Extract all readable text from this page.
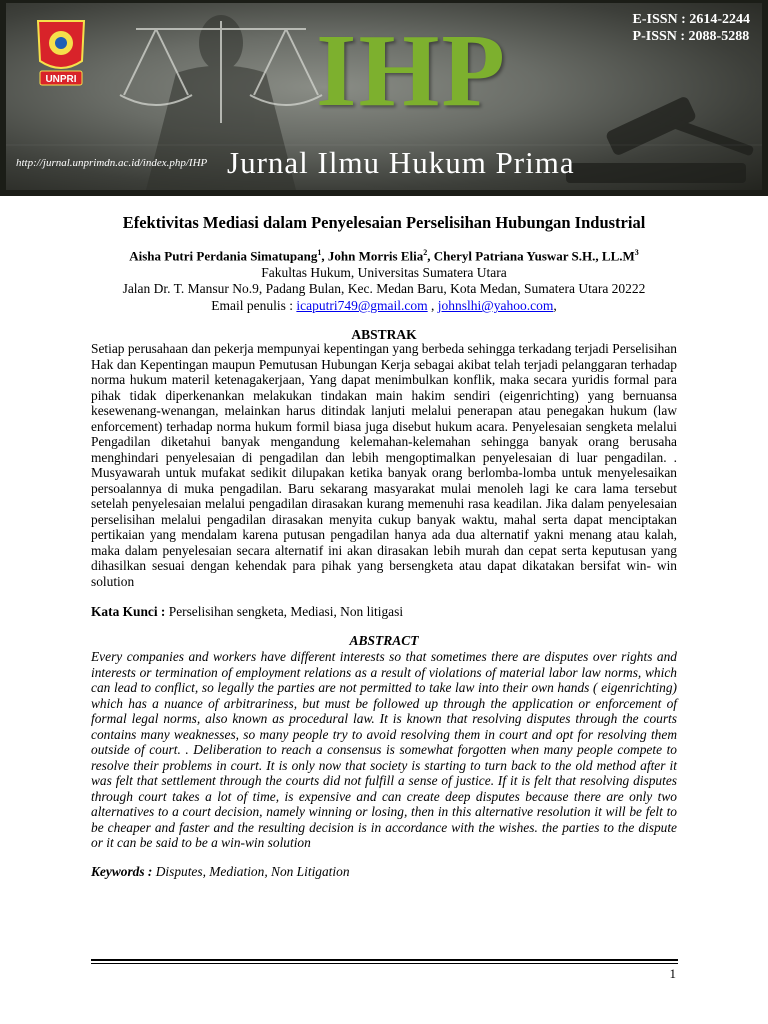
UNPRI
E-ISSN : 2614-2244
P-ISSN : 2088-5288
IHP
http://jurnal.unprimdn.ac.id/index.php/IHP Jurnal Ilmu Hukum Prima
Efektivitas Mediasi dalam Penyelesaian Perselisihan Hubungan Industrial
Aisha Putri Perdania Simatupang$^1$, John Morris Elia$^2$, Cheryl Patriana Yuswar S.H., $LL.M^3$
Fakultas Hukum, Universitas Sumatera Utara
Jalan Dr. T. Mansur No.9, Padang Bulan, Kec. Medan Baru, Kota Medan, Sumatera Utara 20222
Email penulis : icaputri749@gmail.com , johnslhi@yahoo.com,
ABSTRAK
Setiap perusahaan dan pekerja mempunyai kepentingan yang berbeda sehingga terkadang terjadi Perselisihan Hak dan Kepentingan maupun Pemutusan Hubungan Kerja sebagai akibat telah terjadi pelanggaran terhadap norma hukum materil ketenagakerjaan, Yang dapat menimbulkan konflik, maka secara yuridis formal para pihak tidak diperkenankan melakukan tindakan main hakim sendiri (eigenrichting) yang bernuansa kesewenang-wenangan, melainkan harus ditindak lanjuti melalui penerapan atau penegakan hukum (law enforcement) terhadap norma hukum formil biasa juga disebut hukum acara. Penyelesaian sengketa melalui Pengadilan diketahui banyak mengandung kelemahan-kelemahan sehingga banyak orang berusaha menghindari penyelesaian di pengadilan dan lebih mengoptimalkan penyelesaian di luar pengadilan. . Musyawarah untuk mufakat sedikit dilupakan ketika banyak orang berlomba-lomba untuk menyelesaikan persoalannya di muka pengadilan. Baru sekarang masyarakat mulai menoleh lagi ke cara lama tersebut setelah penyelesaian melalui pengadilan dirasakan kurang memenuhi rasa keadilan. Jika dalam penyelesaian perselisihan melalui pengadilan dirasakan menyita cukup banyak waktu, mahal serta dapat menciptakan pertikaian yang mendalam karena putusan pengadilan hanya ada dua alternatif yakni menang atau kalah, maka dalam penyelesaian secara alternatif ini akan dirasakan lebih murah dan cepat serta keputusan yang dihasilkan sesuai dengan kehendak para pihak yang bersengketa atau dapat dikatakan bersifat win- win solution
Kata Kunci : Perselisihan sengketa, Mediasi, Non litigasi
ABSTRACT
Every companies and workers have different interests so that sometimes there are disputes over rights and interests or termination of employment relations as a result of violations of material labor law norms, which can lead to conflict, so legally the parties are not permitted to take law into their own hands ( eigenrichting) which has a nuance of arbitrariness, but must be followed up through the application or enforcement of formal legal norms, also known as procedural law. It is known that resolving disputes through the courts contains many weaknesses, so many people try to avoid resolving them in court and opt for resolving them outside of court. . Deliberation to reach a consensus is somewhat forgotten when many people compete to resolve their problems in court. It is only now that society is starting to turn back to the old method after it was felt that settlement through the courts did not fulfill a sense of justice. If it is felt that resolving disputes through court takes a lot of time, is expensive and can create deep disputes because there are only two alternatives to a court decision, namely winning or losing, then in this alternative resolution it will be felt to be cheaper and faster and the resulting decision is in accordance with the wishes. the parties to the dispute or it can be said to be a win-win solution
Keywords : Disputes, Mediation, Non Litigation
1
